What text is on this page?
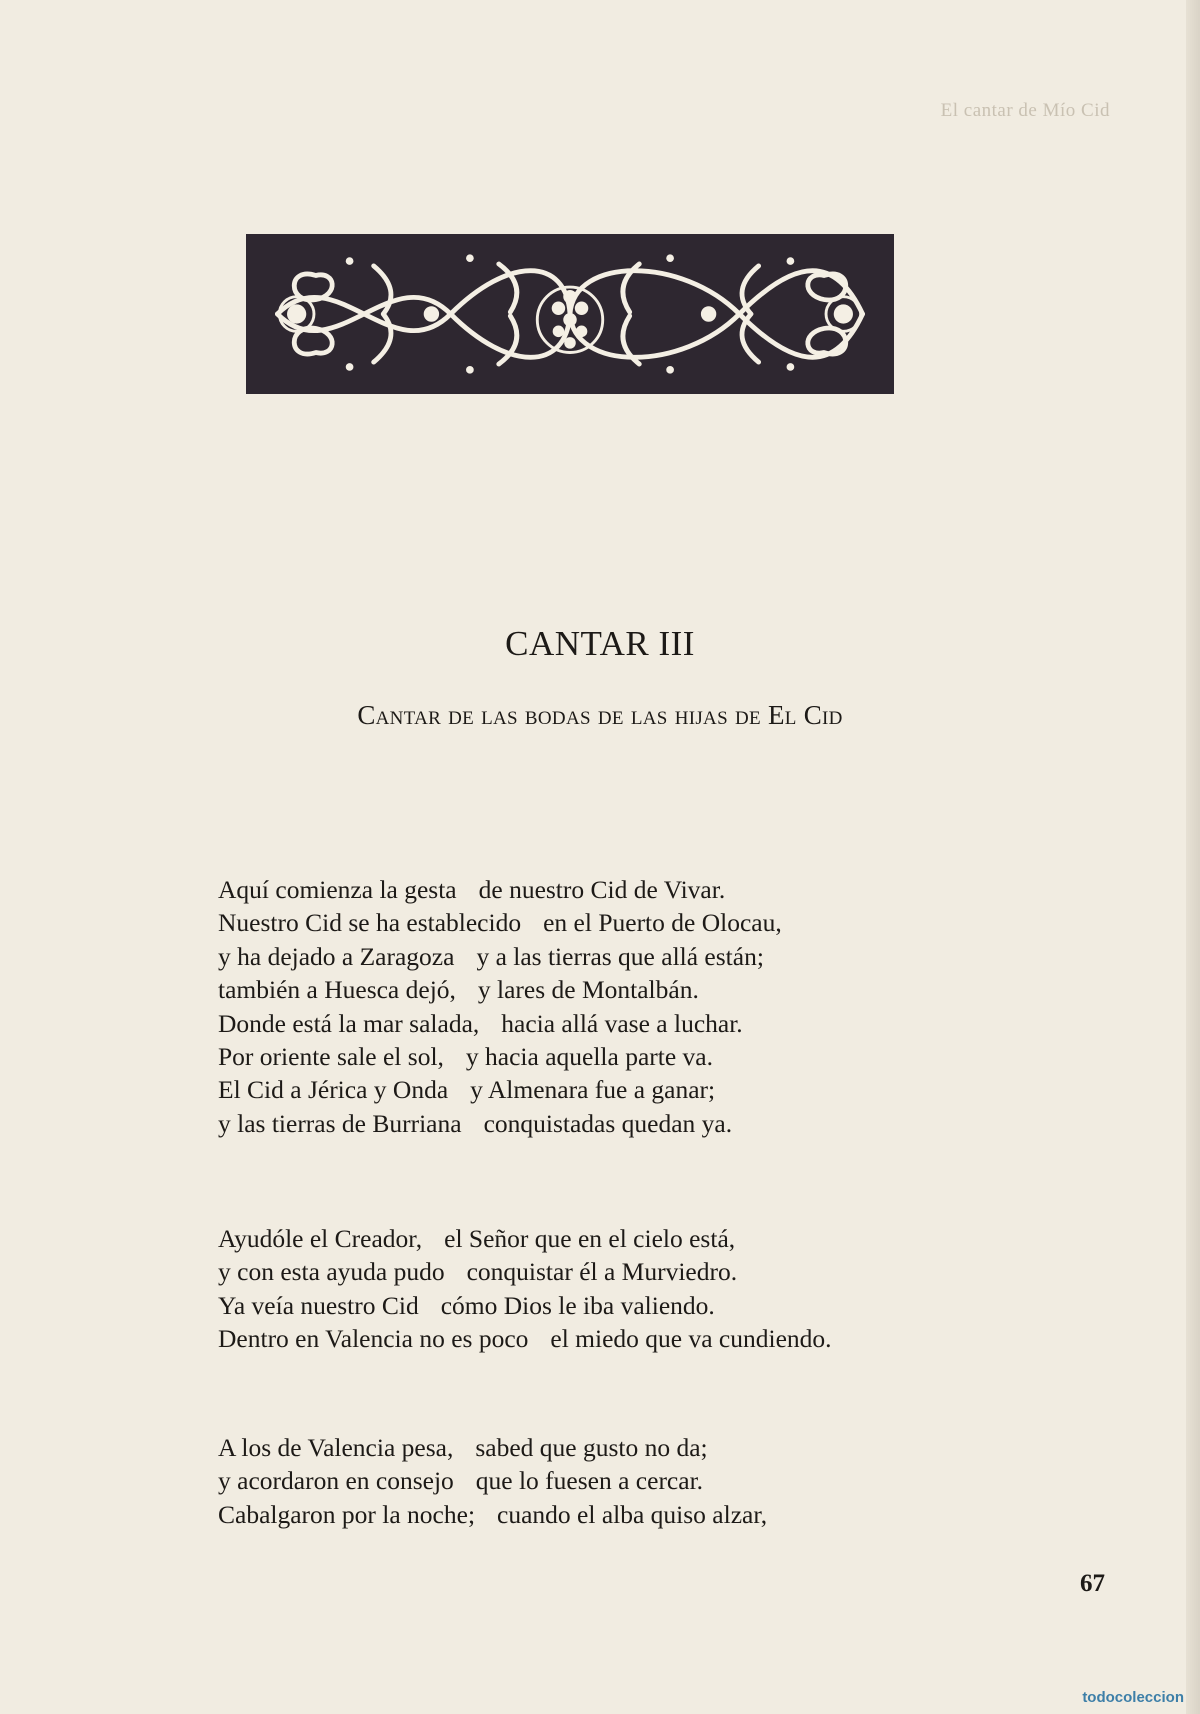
El cantar de Mío Cid
CANTAR III
Cantar de las bodas de las hijas de El Cid
Aquí comienza la gesta de nuestro Cid de Vivar.
Nuestro Cid se ha establecido en el Puerto de Olocau,
y ha dejado a Zaragoza y a las tierras que allá están;
también a Huesca dejó, y lares de Montalbán.
Donde está la mar salada, hacia allá vase a luchar.
Por oriente sale el sol, y hacia aquella parte va.
El Cid a Jérica y Onda y Almenara fue a ganar;
y las tierras de Burriana conquistadas quedan ya.
Ayudóle el Creador, el Señor que en el cielo está,
y con esta ayuda pudo conquistar él a Murviedro.
Ya veía nuestro Cid cómo Dios le iba valiendo.
Dentro en Valencia no es poco el miedo que va cundiendo.
A los de Valencia pesa, sabed que gusto no da;
y acordaron en consejo que lo fuesen a cercar.
Cabalgaron por la noche; cuando el alba quiso alzar,
67
todocoleccion
